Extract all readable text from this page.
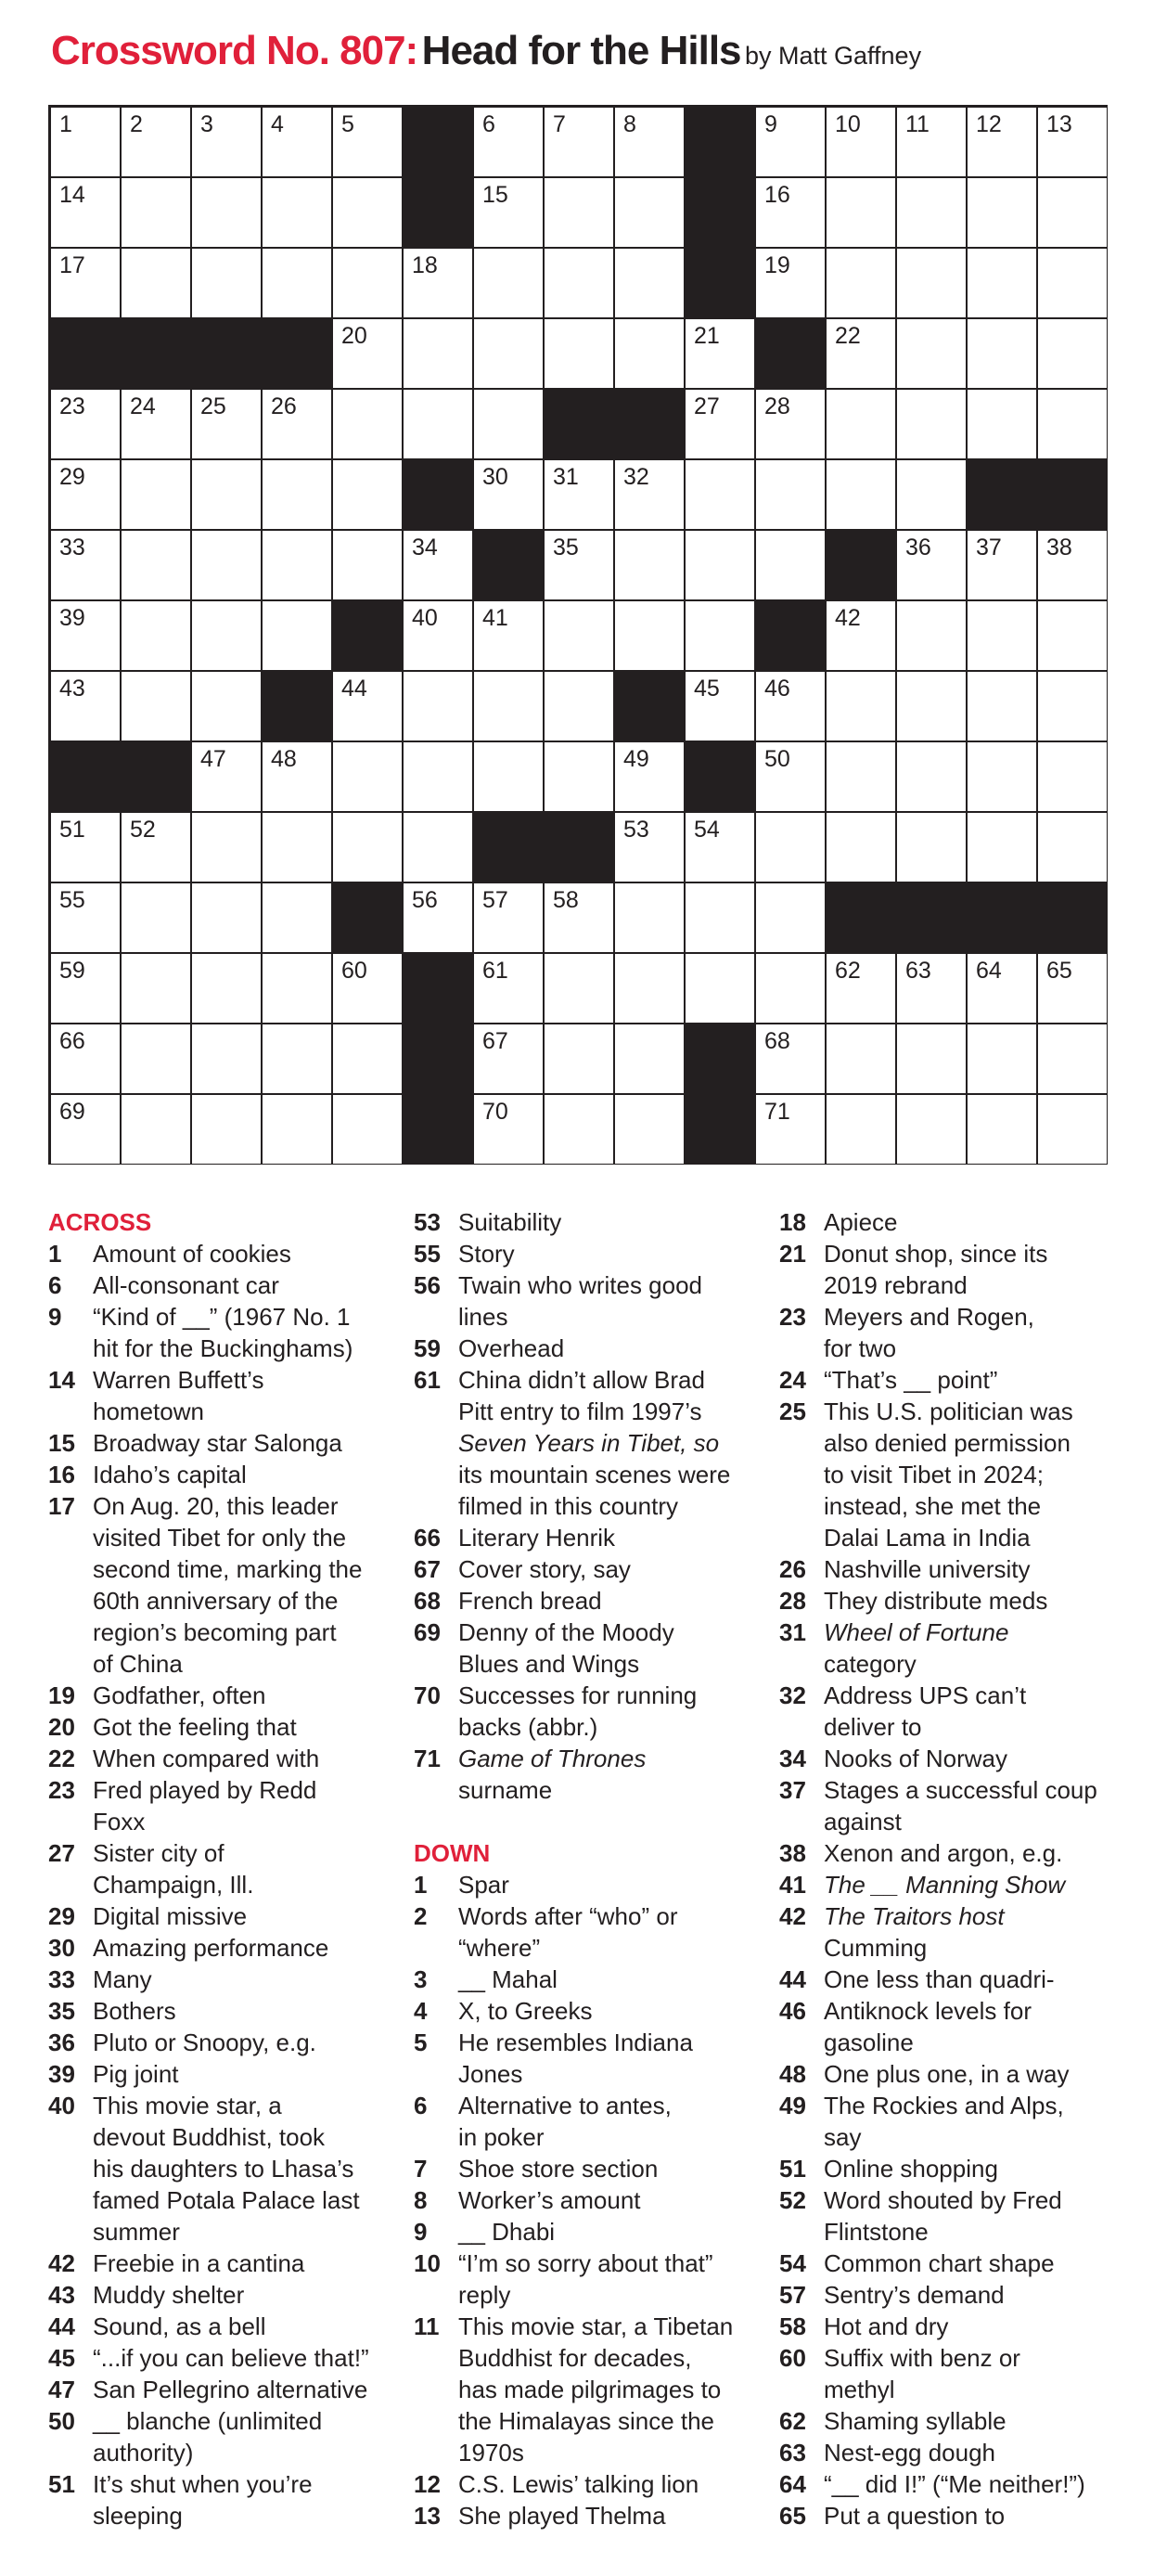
Crossword No. 807: Head for the Hills by Matt Gaffney
1 2 3 4 5	6 7 8	9 10 11 12 13
14	15	16
17	18	19
20	21	22
23 24 25 26	27 28
29	30 31 32
33	34	35	36 37 38
39	40 41	42
43	44	45 46
47 48	49	50
51 52	53 54
55	56 57 58
59	60	61	62 63 64 65
66	67	68
69	70	71
ACROSS
1	Amount of cookies
6	All-consonant car
9	“Kind of __” (1967 No. 1
hit for the Buckinghams)
14 Warren Buffett’s
hometown
15 Broadway star Salonga
16 Idaho’s capital
17 On Aug. 20, this leader
visited Tibet for only the
second time, marking the
60th anniversary of the
region’s becoming part
of China
19 Godfather, often
20 Got the feeling that
22 When compared with
23 Fred played by Redd
Foxx
27 Sister city of
Champaign, Ill.
29 Digital missive
30 Amazing performance
33 Many
35 Bothers
36 Pluto or Snoopy, e.g.
39 Pig joint
40 This movie star, a
devout Buddhist, took
his daughters to Lhasa’s
famed Potala Palace last
summer
42 Freebie in a cantina
43 Muddy shelter
44 Sound, as a bell
45 “...if you can believe that!”
47 San Pellegrino alternative
50 __ blanche (unlimited
authority)
51 It’s shut when you’re
sleeping
53 Suitability
55 Story
56 Twain who writes good
lines
59 Overhead
61 China didn’t allow Brad
Pitt entry to film 1997’s
Seven Years in Tibet, so
its mountain scenes were
filmed in this country
66 Literary Henrik
67 Cover story, say
68 French bread
69 Denny of the Moody
Blues and Wings
70 Successes for running
backs (abbr.)
71 Game of Thrones
surname
DOWN
1	Spar
2	Words after “who” or
“where”
3	__ Mahal
4	X, to Greeks
5	He resembles Indiana
Jones
6	Alternative to antes,
in poker
7	Shoe store section
8	Worker’s amount
9	__ Dhabi
10 “I’m so sorry about that”
reply
11 This movie star, a Tibetan
Buddhist for decades,
has made pilgrimages to
the Himalayas since the
1970s
12 C.S. Lewis’ talking lion
13 She played Thelma
18 Apiece
21 Donut shop, since its
2019 rebrand
23 Meyers and Rogen,
for two
24 “That’s __ point”
25 This U.S. politician was
also denied permission
to visit Tibet in 2024;
instead, she met the
Dalai Lama in India
26 Nashville university
28 They distribute meds
31 Wheel of Fortune
category
32 Address UPS can’t
deliver to
34 Nooks of Norway
37 Stages a successful coup
against
38 Xenon and argon, e.g.
41 The __ Manning Show
42 The Traitors host
Cumming
44 One less than quadri-
46 Antiknock levels for
gasoline
48 One plus one, in a way
49 The Rockies and Alps,
say
51 Online shopping
52 Word shouted by Fred
Flintstone
54 Common chart shape
57 Sentry’s demand
58 Hot and dry
60 Suffix with benz or
methyl
62 Shaming syllable
63 Nest-egg dough
64 “__ did I!” (“Me neither!”)
65 Put a question to
